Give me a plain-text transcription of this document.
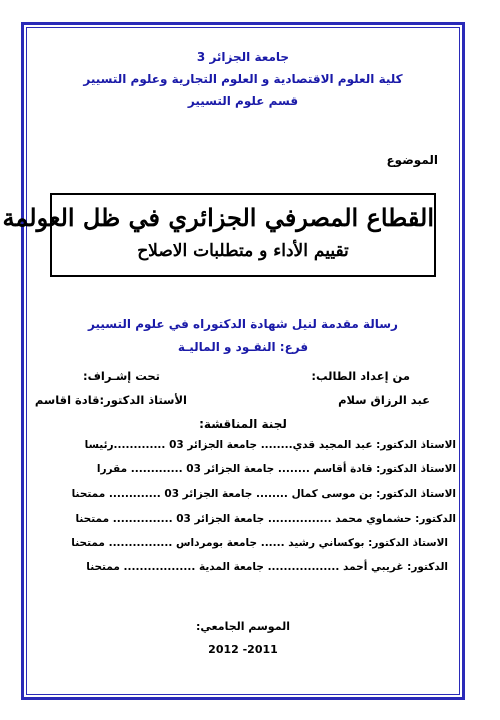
جامعة الجزائر 3
كلية العلوم الاقتصادية و العلوم التجارية وعلوم التسيير
قسم علوم التسيير
الموضوع
القطاع المصرفي الجزائري في ظل العولمة
تقييم الأداء و متطلبات الاصلاح
رسالة مقدمة لنيل شهادة الدكتوراه في علوم التسيير
فرع: النقـود و الماليـة
من إعداد الطالب:
تحت إشـراف:
عبد الرزاق سلام
الأستاذ الدكتور:قادة اقاسم
لجنة المناقشة:
الاستاذ الدكتور: عبد المجيد قدي........ جامعة الجزائر 03 .............رئيسا
الاستاذ الدكتور: قادة أقاسم ........ جامعة الجزائر 03 ............. مقررا
الاستاذ الدكتور: بن موسى كمال ........ جامعة الجزائر 03 ............. ممتحنا
الدكتور: حشماوي محمد ................ جامعة الجزائر 03 ............... ممتحنا
الاستاذ الدكتور: بوكساني رشيد ...... جامعة بومرداس ................ ممتحنا
الدكتور: غريبي أحمد .................. جامعة المدية .................. ممتحنا
الموسم الجامعي:
2012 -2011
